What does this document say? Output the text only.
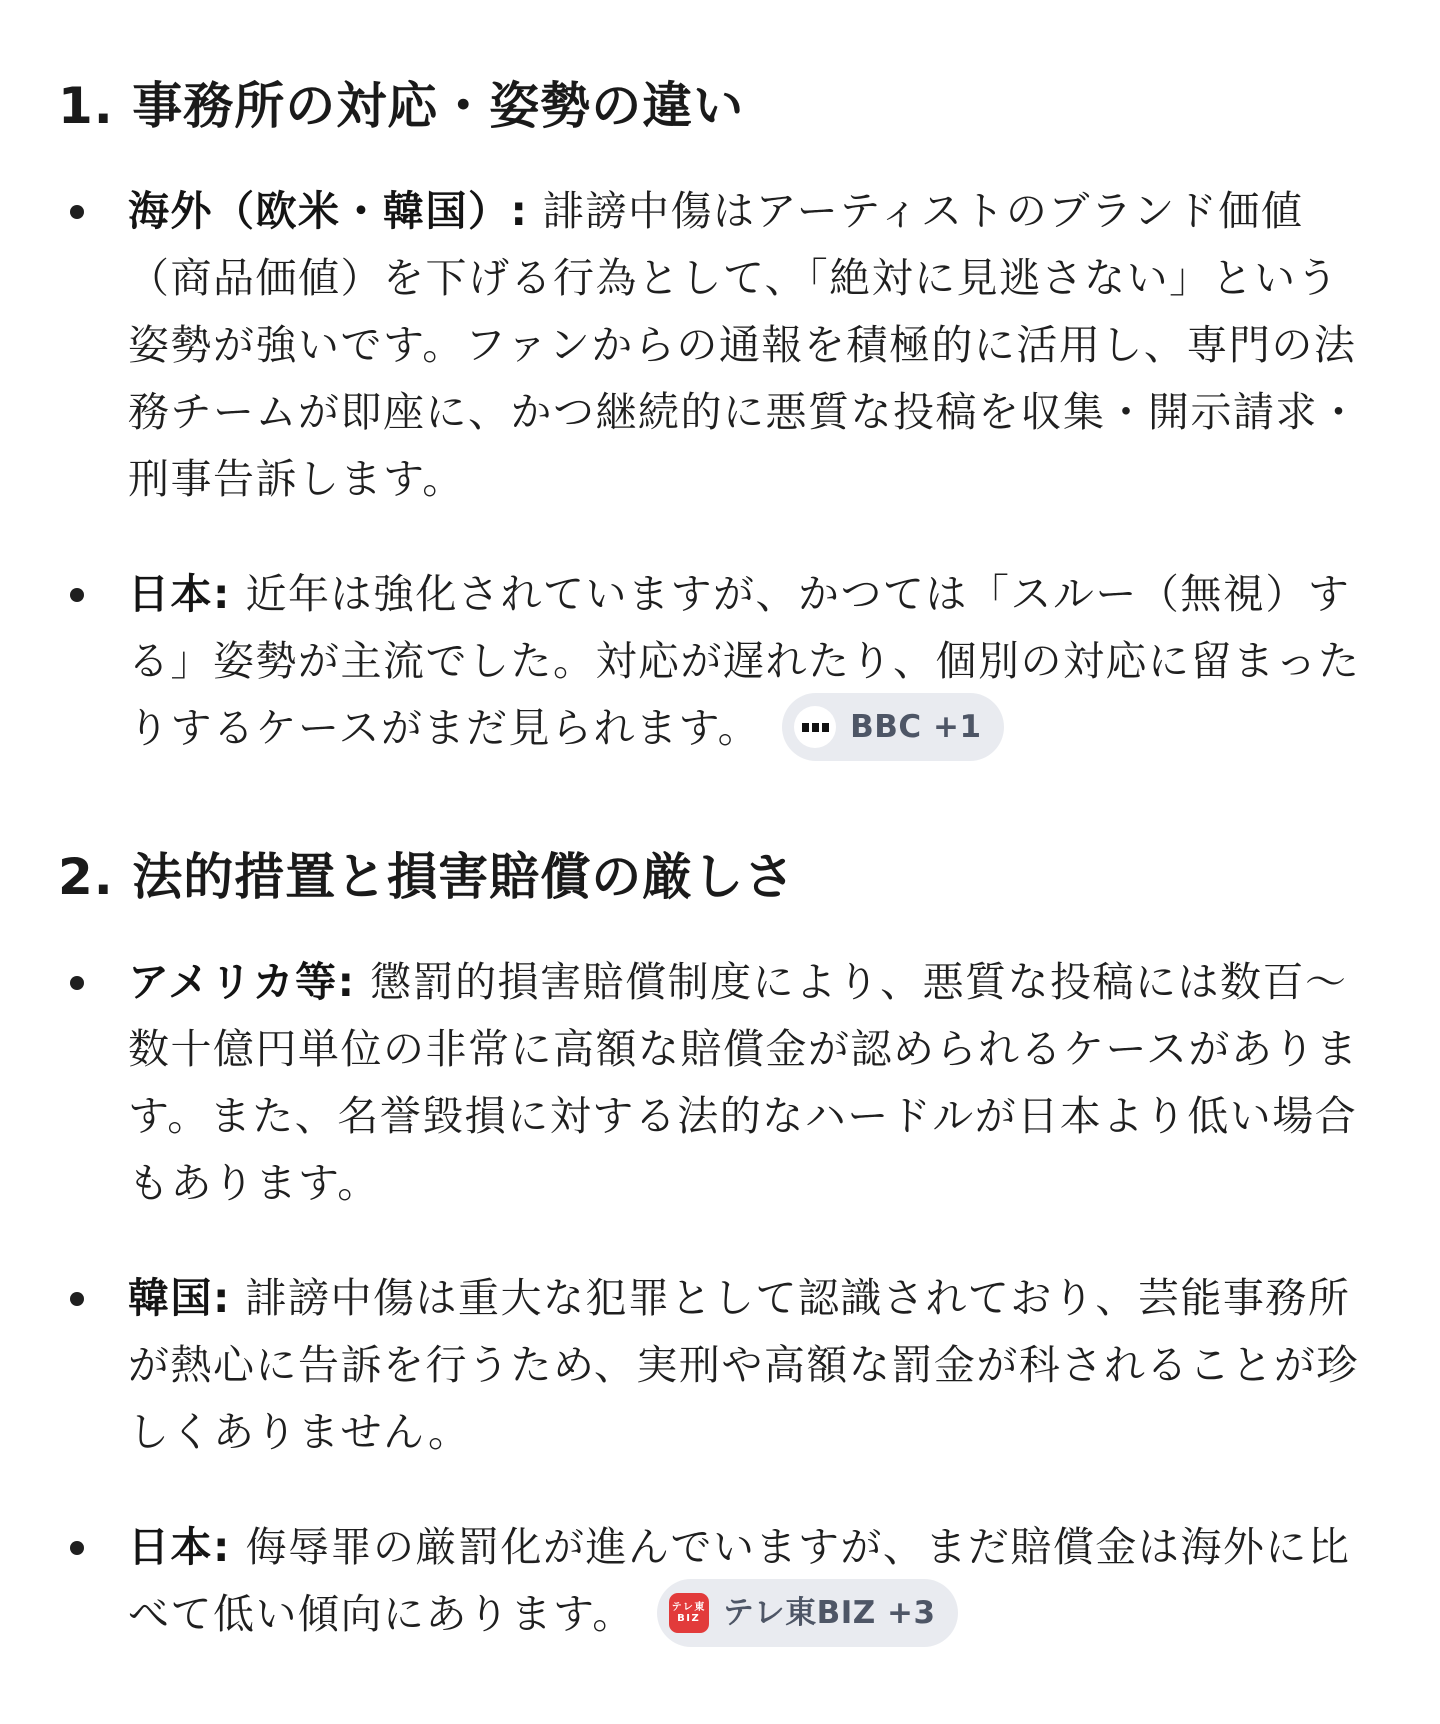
1. 事務所の対応・姿勢の違い
海外（欧米・韓国）: 誹謗中傷はアーティストのブランド価値（商品価値）を下げる行為として、「絶対に見逃さない」という姿勢が強いです。ファンからの通報を積極的に活用し、専門の法務チームが即座に、かつ継続的に悪質な投稿を収集・開示請求・刑事告訴します。
日本: 近年は強化されていますが、かつては「スルー（無視）する」姿勢が主流でした。対応が遅れたり、個別の対応に留まったりするケースがまだ見られます。	BBC +1
2. 法的措置と損害賠償の厳しさ
アメリカ等: 懲罰的損害賠償制度により、悪質な投稿には数百〜数十億円単位の非常に高額な賠償金が認められるケースがあります。また、名誉毀損に対する法的なハードルが日本より低い場合もあります。
韓国: 誹謗中傷は重大な犯罪として認識されており、芸能事務所が熱心に告訴を行うため、実刑や高額な罰金が科されることが珍しくありません。
日本: 侮辱罪の厳罰化が進んでいますが、まだ賠償金は海外に比べて低い傾向にあります。	テレ東
BIZ テレ東BIZ +3
